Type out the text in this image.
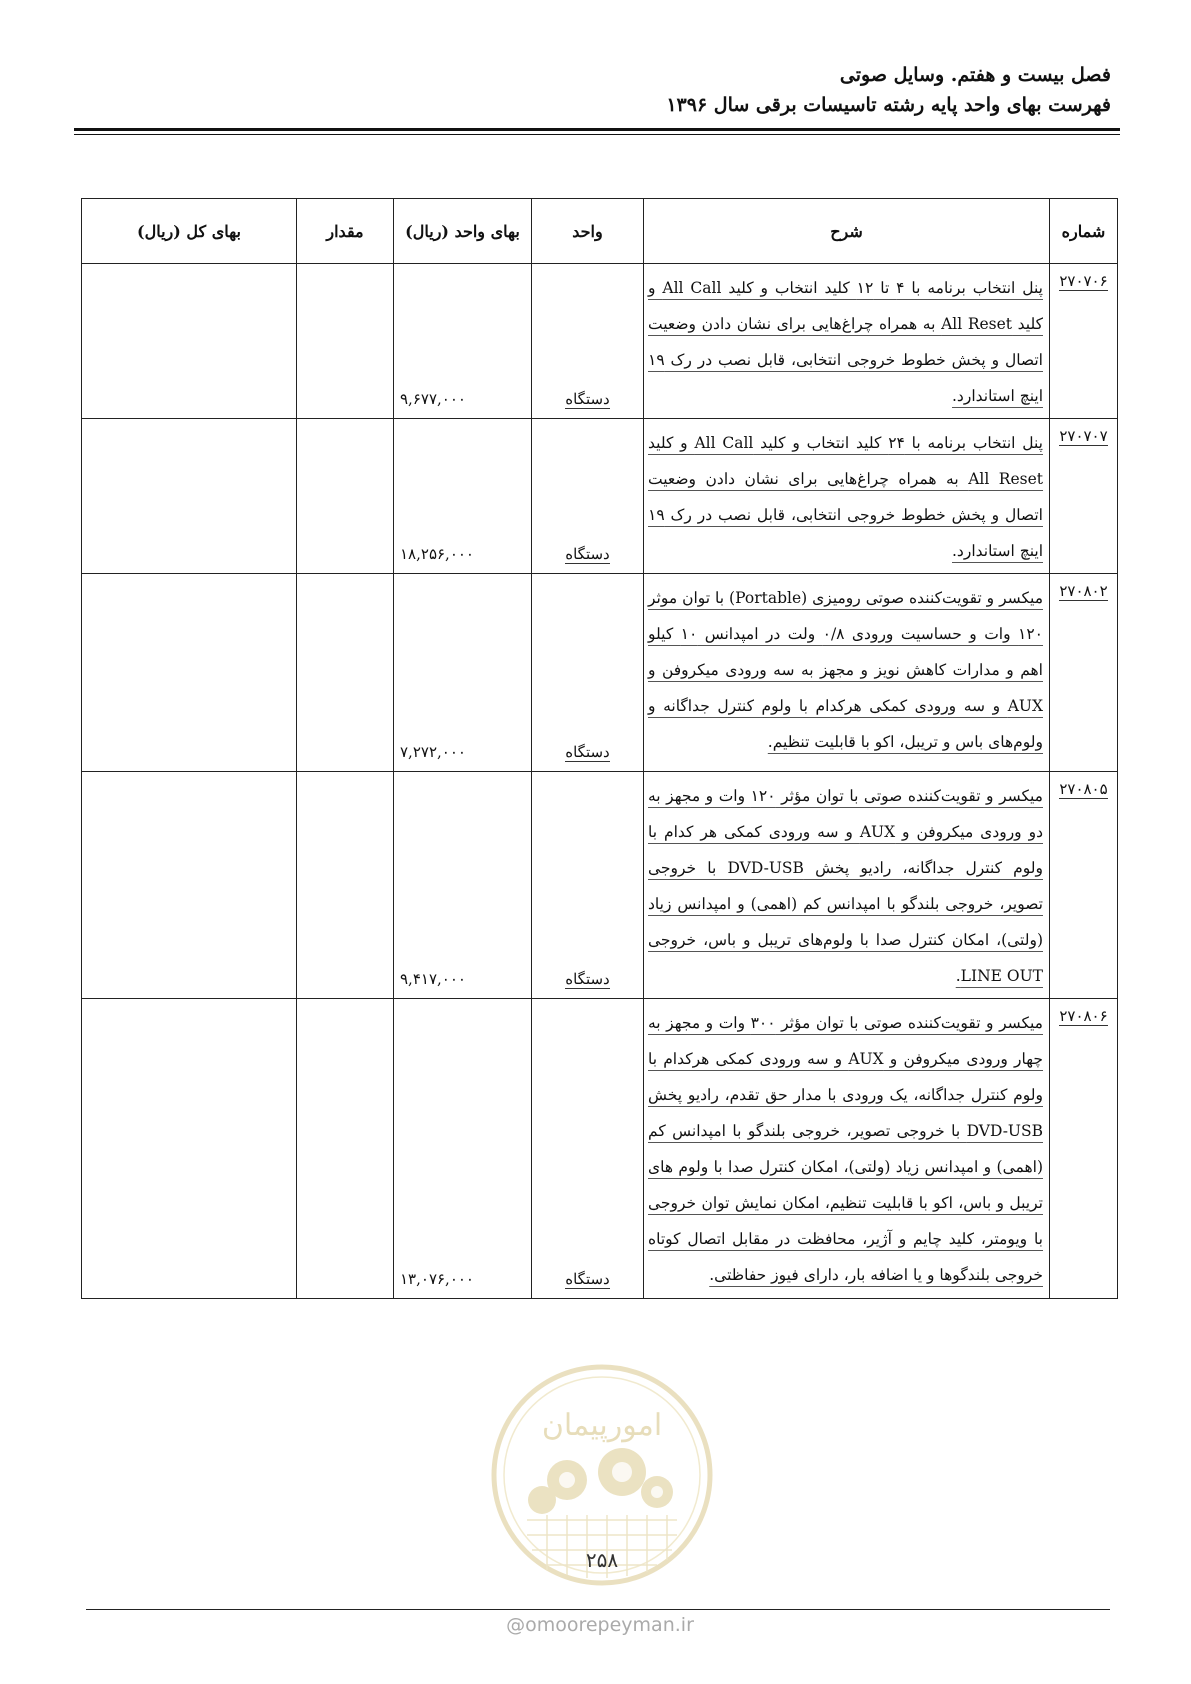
فصل بیست و هفتم. وسایل صوتی
فهرست بهای واحد پایه رشته تاسیسات برقی سال ۱۳۹۶
شماره	شرح	واحد	بهای واحد (ریال)	مقدار	بهای کل (ریال)
۲۷۰۷۰۶	پنل انتخاب برنامه با ۴ تا ۱۲ کلید انتخاب و کلید All Call و کلید All Reset به همراه چراغ‌هایی برای نشان دادن وضعیت اتصال و پخش خطوط خروجی انتخابی، قابل نصب در رک ۱۹ اینچ استاندارد.	دستگاه	۹,۶۷۷,۰۰۰		
۲۷۰۷۰۷	پنل انتخاب برنامه با ۲۴ کلید انتخاب و کلید All Call و کلید All Reset به همراه چراغ‌هایی برای نشان دادن وضعیت اتصال و پخش خطوط خروجی انتخابی، قابل نصب در رک ۱۹ اینچ استاندارد.	دستگاه	۱۸,۲۵۶,۰۰۰		
۲۷۰۸۰۲	میکسر و تقویت‌کننده صوتی رومیزی (Portable) با توان موثر ۱۲۰ وات و حساسیت ورودی ۰/۸ ولت در امپدانس ۱۰ کیلو اهم و مدارات کاهش نویز و مجهز به سه ورودی میکروفن و AUX و سه ورودی کمکی هرکدام با ولوم کنترل جداگانه و ولوم‌های باس و تریبل، اکو با قابلیت تنظیم.	دستگاه	۷,۲۷۲,۰۰۰		
۲۷۰۸۰۵	میکسر و تقویت‌کننده صوتی با توان مؤثر ۱۲۰ وات و مجهز به دو ورودی میکروفن و AUX و سه ورودی کمکی هر کدام با ولوم کنترل جداگانه، رادیو پخش DVD-USB با خروجی تصویر، خروجی بلندگو با امپدانس کم (اهمی) و امپدانس زیاد (ولتی)، امکان کنترل صدا با ولوم‌های تریبل و باس، خروجی LINE OUT.	دستگاه	۹,۴۱۷,۰۰۰		
۲۷۰۸۰۶	میکسر و تقویت‌کننده صوتی با توان مؤثر ۳۰۰ وات و مجهز به چهار ورودی میکروفن و AUX و سه ورودی کمکی هرکدام با ولوم کنترل جداگانه، یک ورودی با مدار حق تقدم، رادیو پخش DVD-USB با خروجی تصویر، خروجی بلندگو با امپدانس کم (اهمی) و امپدانس زیاد (ولتی)، امکان کنترل صدا با ولوم های تریبل و باس، اکو با قابلیت تنظیم، امکان نمایش توان خروجی با ویومتر، کلید چایم و آژیر، محافظت در مقابل اتصال کوتاه خروجی بلندگوها و یا اضافه بار، دارای فیوز حفاظتی.	دستگاه	۱۳,۰۷۶,۰۰۰		
امورپیمان
۲۵۸
@omoorepeyman.ir
